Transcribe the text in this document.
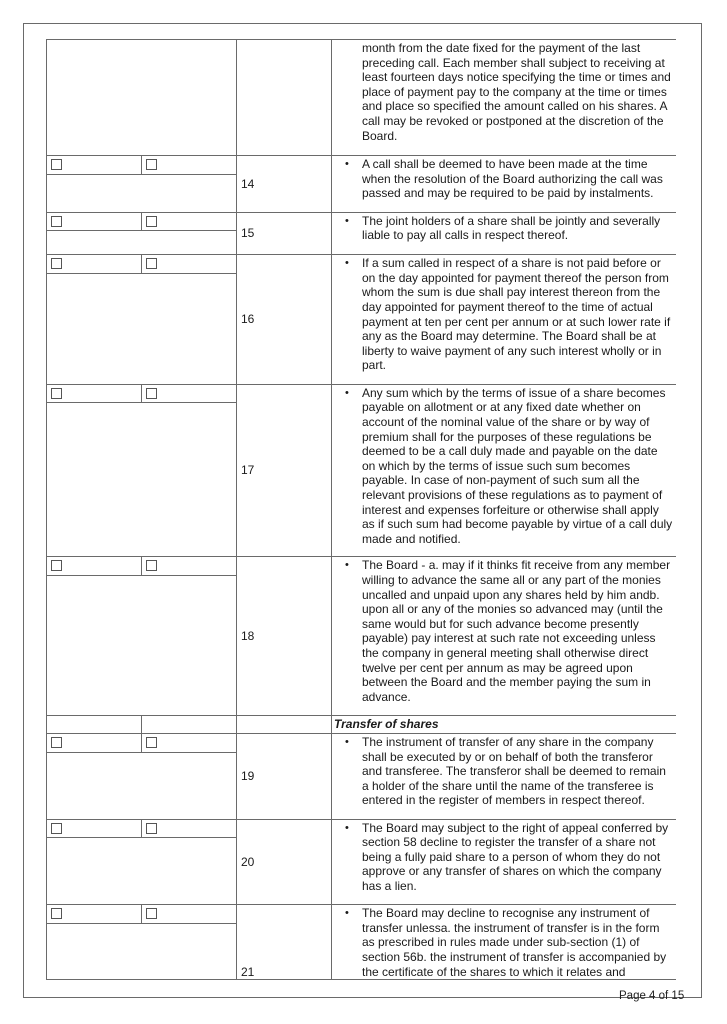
			month from the date fixed for the payment of the last preceding call. Each member shall subject to receiving at least fourteen days notice specifying the time or times and place of payment pay to the company at the time or times and place so specified the amount called on his shares. A call may be revoked or postponed at the discretion of the Board.
		14	• A call shall be deemed to have been made at the time when the resolution of the Board authorizing the call was passed and may be required to be paid by instalments.

		15	• The joint holders of a share shall be jointly and severally liable to pay all calls in respect thereof.

		16	• If a sum called in respect of a share is not paid before or on the day appointed for payment thereof the person from whom the sum is due shall pay interest thereon from the day appointed for payment thereof to the time of actual payment at ten per cent per annum or at such lower rate if any as the Board may determine. The Board shall be at liberty to waive payment of any such interest wholly or in part.

		17	• Any sum which by the terms of issue of a share becomes payable on allotment or at any fixed date whether on account of the nominal value of the share or by way of premium shall for the purposes of these regulations be deemed to be a call duly made and payable on the date on which by the terms of issue such sum becomes payable. In case of non-payment of such sum all the relevant provisions of these regulations as to payment of interest and expenses forfeiture or otherwise shall apply as if such sum had become payable by virtue of a call duly made and notified.

		18	• The Board - a. may if it thinks fit receive from any member willing to advance the same all or any part of the monies uncalled and unpaid upon any shares held by him andb. upon all or any of the monies so advanced may (until the same would but for such advance become presently payable) pay interest at such rate not exceeding unless the company in general meeting shall otherwise direct twelve per cent per annum as may be agreed upon between the Board and the member paying the sum in advance.

			Transfer of shares
		19	• The instrument of transfer of any share in the company shall be executed by or on behalf of both the transferor and transferee. The transferor shall be deemed to remain a holder of the share until the name of the transferee is entered in the register of members in respect thereof.

		20	• The Board may subject to the right of appeal conferred by section 58 decline to register the transfer of a share not being a fully paid share to a person of whom they do not approve or any transfer of shares on which the company has a lien.

		21	• The Board may decline to recognise any instrument of transfer unlessa. the instrument of transfer is in the form as prescribed in rules made under sub-section (1) of section 56b. the instrument of transfer is accompanied by the certificate of the shares to which it relates and

Page 4 of 15
